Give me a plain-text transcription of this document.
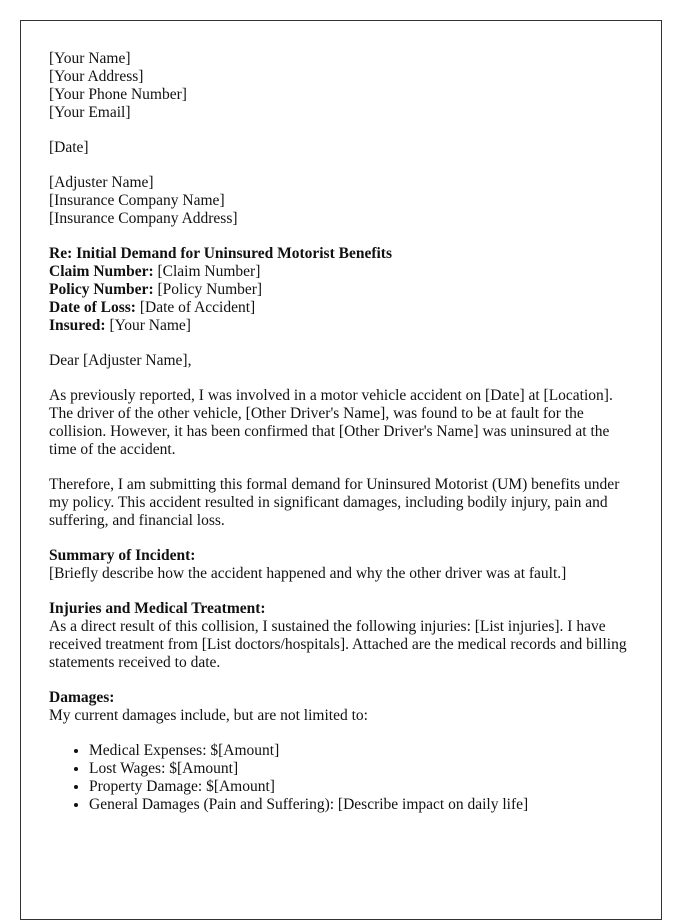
[Your Name]
[Your Address]
[Your Phone Number]
[Your Email]

[Date]

[Adjuster Name]
[Insurance Company Name]
[Insurance Company Address]

Re: Initial Demand for Uninsured Motorist Benefits
Claim Number: [Claim Number]
Policy Number: [Policy Number]
Date of Loss: [Date of Accident]
Insured: [Your Name]

Dear [Adjuster Name],

As previously reported, I was involved in a motor vehicle accident on [Date] at [Location]. The driver of the other vehicle, [Other Driver's Name], was found to be at fault for the collision. However, it has been confirmed that [Other Driver's Name] was uninsured at the time of the accident.

Therefore, I am submitting this formal demand for Uninsured Motorist (UM) benefits under my policy. This accident resulted in significant damages, including bodily injury, pain and suffering, and financial loss.

Summary of Incident:
[Briefly describe how the accident happened and why the other driver was at fault.]

Injuries and Medical Treatment:
As a direct result of this collision, I sustained the following injuries: [List injuries]. I have received treatment from [List doctors/hospitals]. Attached are the medical records and billing statements received to date.

Damages:
My current damages include, but are not limited to:

• Medical Expenses: $[Amount]
• Lost Wages: $[Amount]
• Property Damage: $[Amount]
• General Damages (Pain and Suffering): [Describe impact on daily life]
